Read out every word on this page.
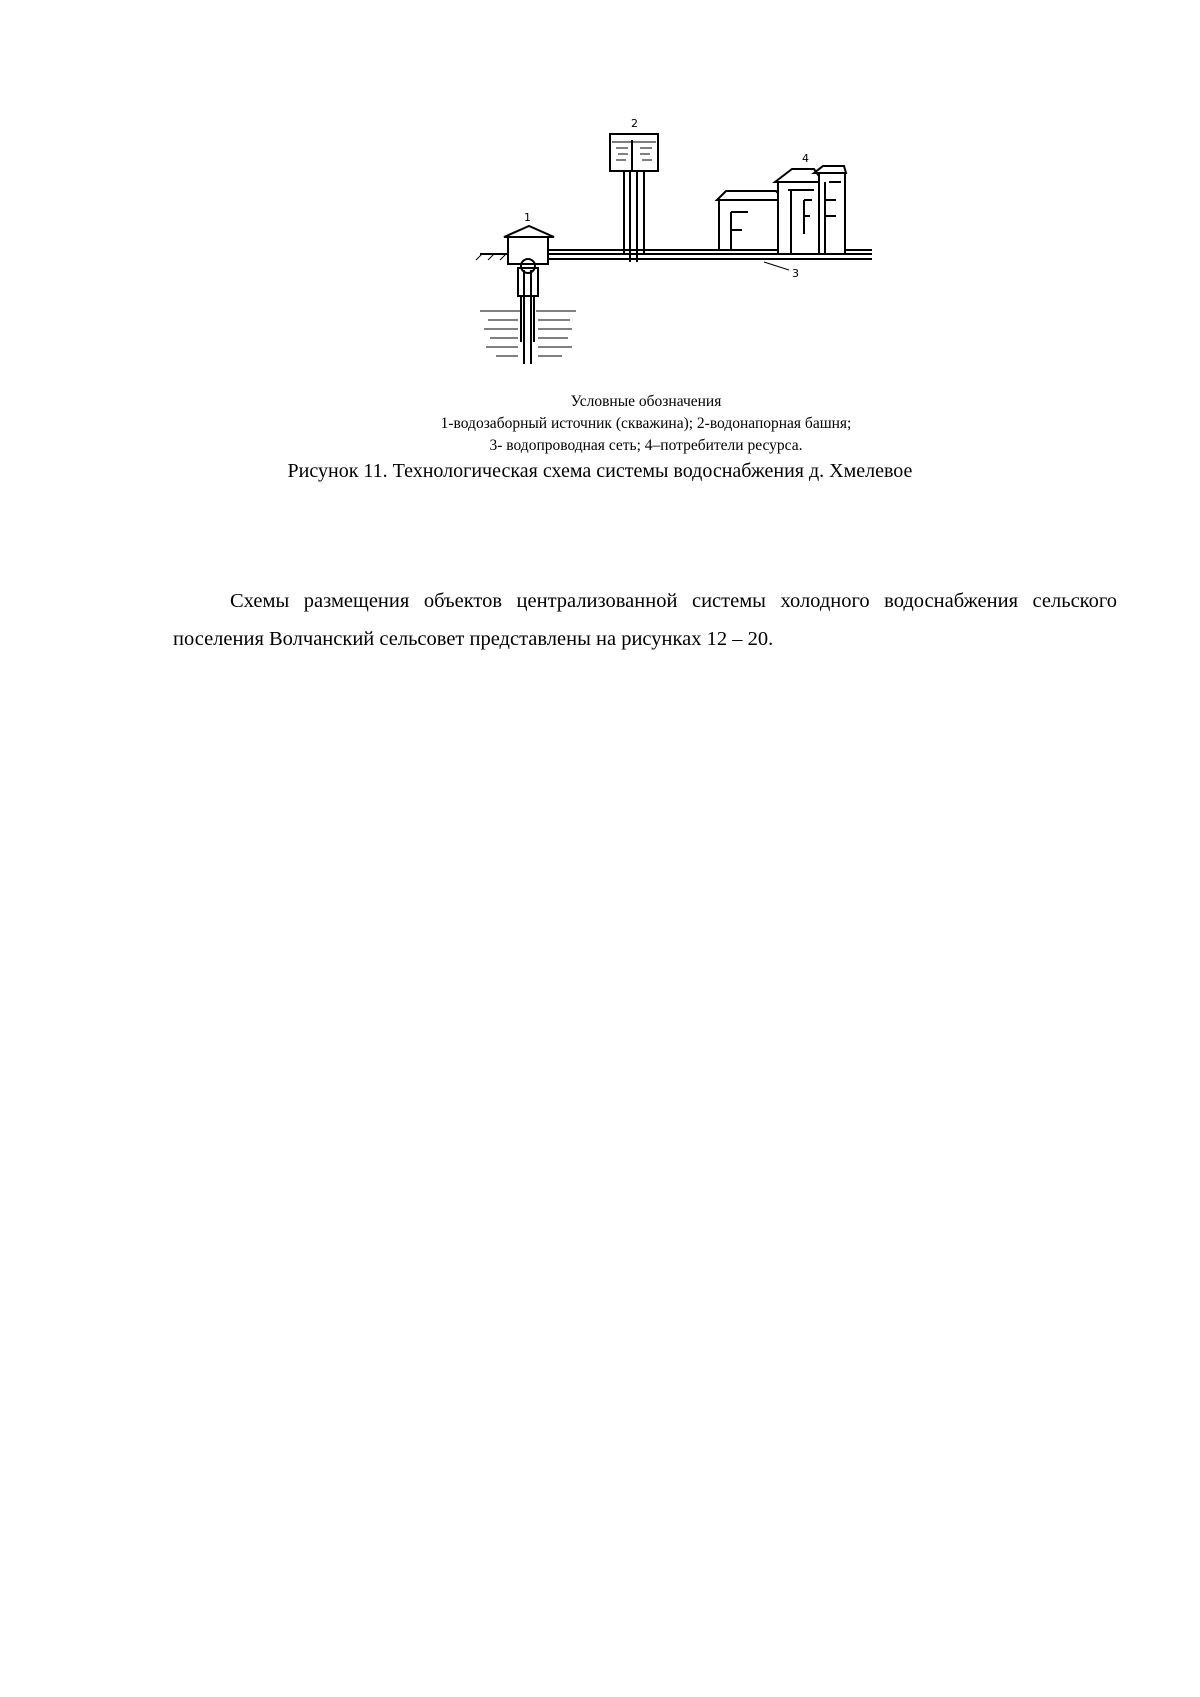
1
2
3
4
Условные обозначения
1-водозаборный источник (скважина); 2-водонапорная башня;
3- водопроводная сеть; 4–потребители ресурса.
Рисунок 11. Технологическая схема системы водоснабжения д. Хмелевое

Схемы размещения объектов централизованной системы холодного водоснабжения сельского поселения Волчанский сельсовет представлены на рисунках 12 – 20.
